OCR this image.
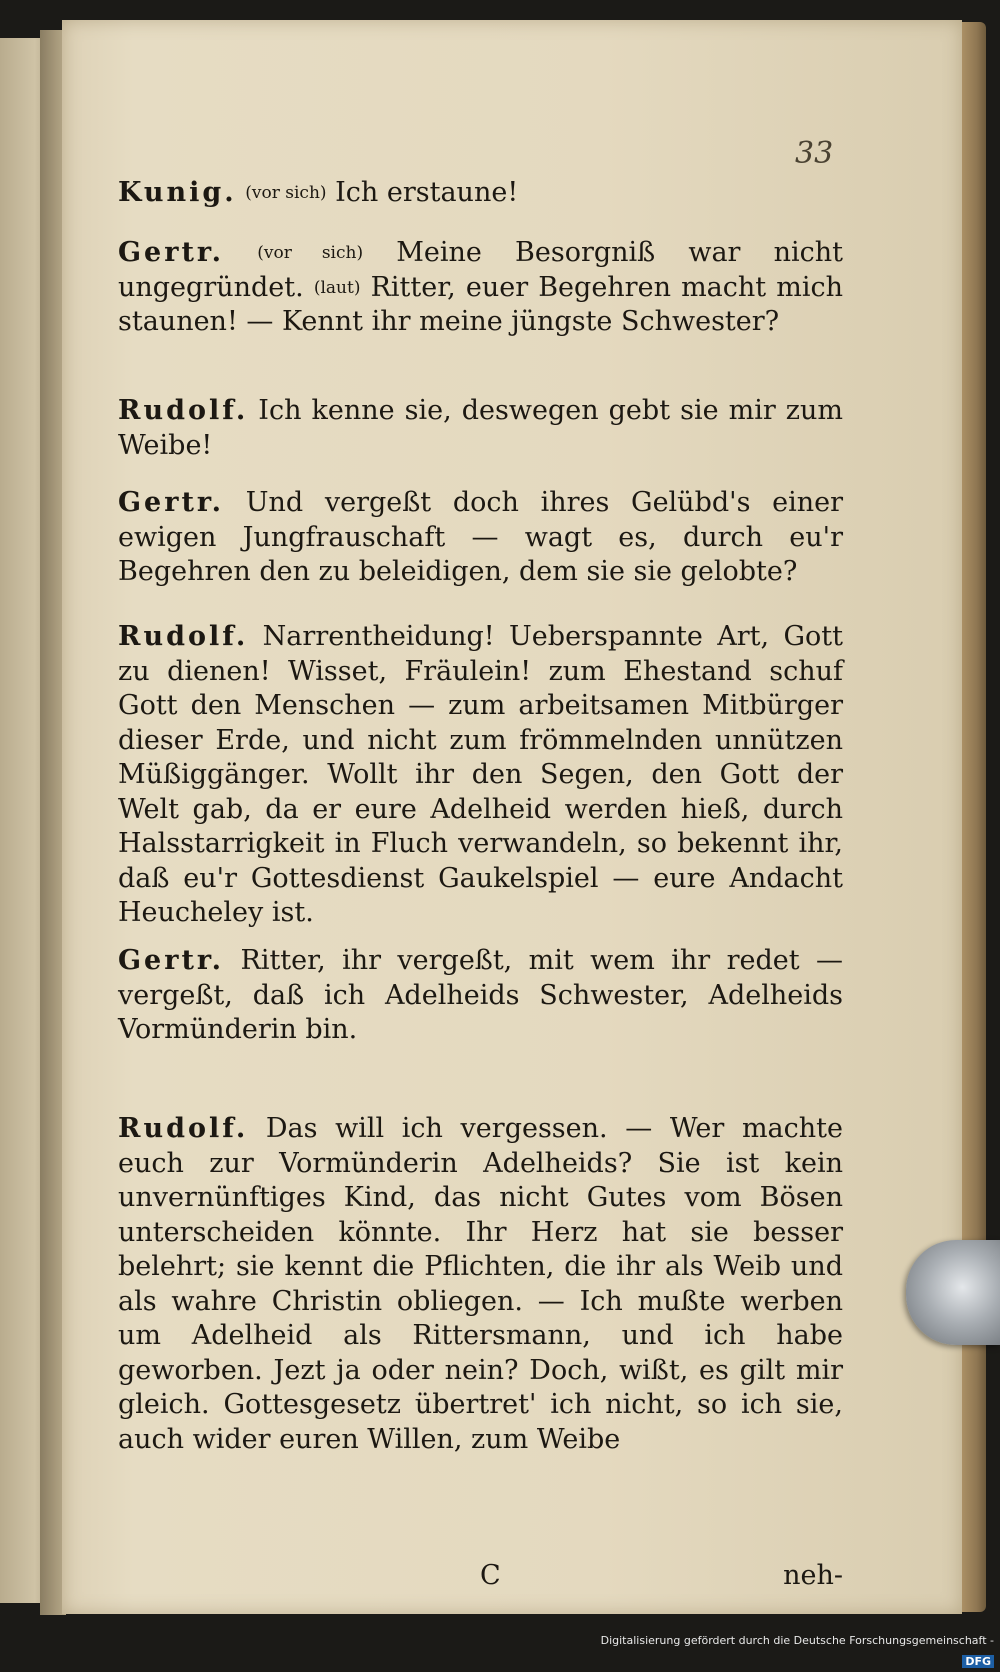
33

Kunig. (vor sich) Ich erstaune!

Gertr. (vor sich) Meine Besorgniß war nicht ungegründet. (laut) Ritter, euer Begehren macht mich staunen! — Kennt ihr meine jüngste Schwester?

Rudolf. Ich kenne sie, deswegen gebt sie mir zum Weibe!

Gertr. Und vergeßt doch ihres Gelübd's einer ewigen Jungfrauschaft — wagt es, durch eu'r Begehren den zu beleidigen, dem sie sie gelobte?

Rudolf. Narrentheidung! Ueberspannte Art, Gott zu dienen! Wisset, Fräulein! zum Ehestand schuf Gott den Menschen — zum arbeitsamen Mitbürger dieser Erde, und nicht zum frömmelnden unnützen Müßiggänger. Wollt ihr den Segen, den Gott der Welt gab, da er eure Adelheid werden hieß, durch Halsstarrigkeit in Fluch verwandeln, so bekennt ihr, daß eu'r Gottesdienst Gaukelspiel — eure Andacht Heucheley ist.

Gertr. Ritter, ihr vergeßt, mit wem ihr redet — vergeßt, daß ich Adelheids Schwester, Adelheids Vormünderin bin.

Rudolf. Das will ich vergessen. — Wer machte euch zur Vormünderin Adelheids? Sie ist kein unvernünftiges Kind, das nicht Gutes vom Bösen unterscheiden könnte. Ihr Herz hat sie besser belehrt; sie kennt die Pflichten, die ihr als Weib und als wahre Christin obliegen. — Ich mußte werben um Adelheid als Rittersmann, und ich habe geworben. Jezt ja oder nein? Doch, wißt, es gilt mir gleich. Gottesgesetz übertret' ich nicht, so ich sie, auch wider euren Willen, zum Weibe

C	neh-
Digitalisierung gefördert durch die Deutsche Forschungsgemeinschaft -DFG
